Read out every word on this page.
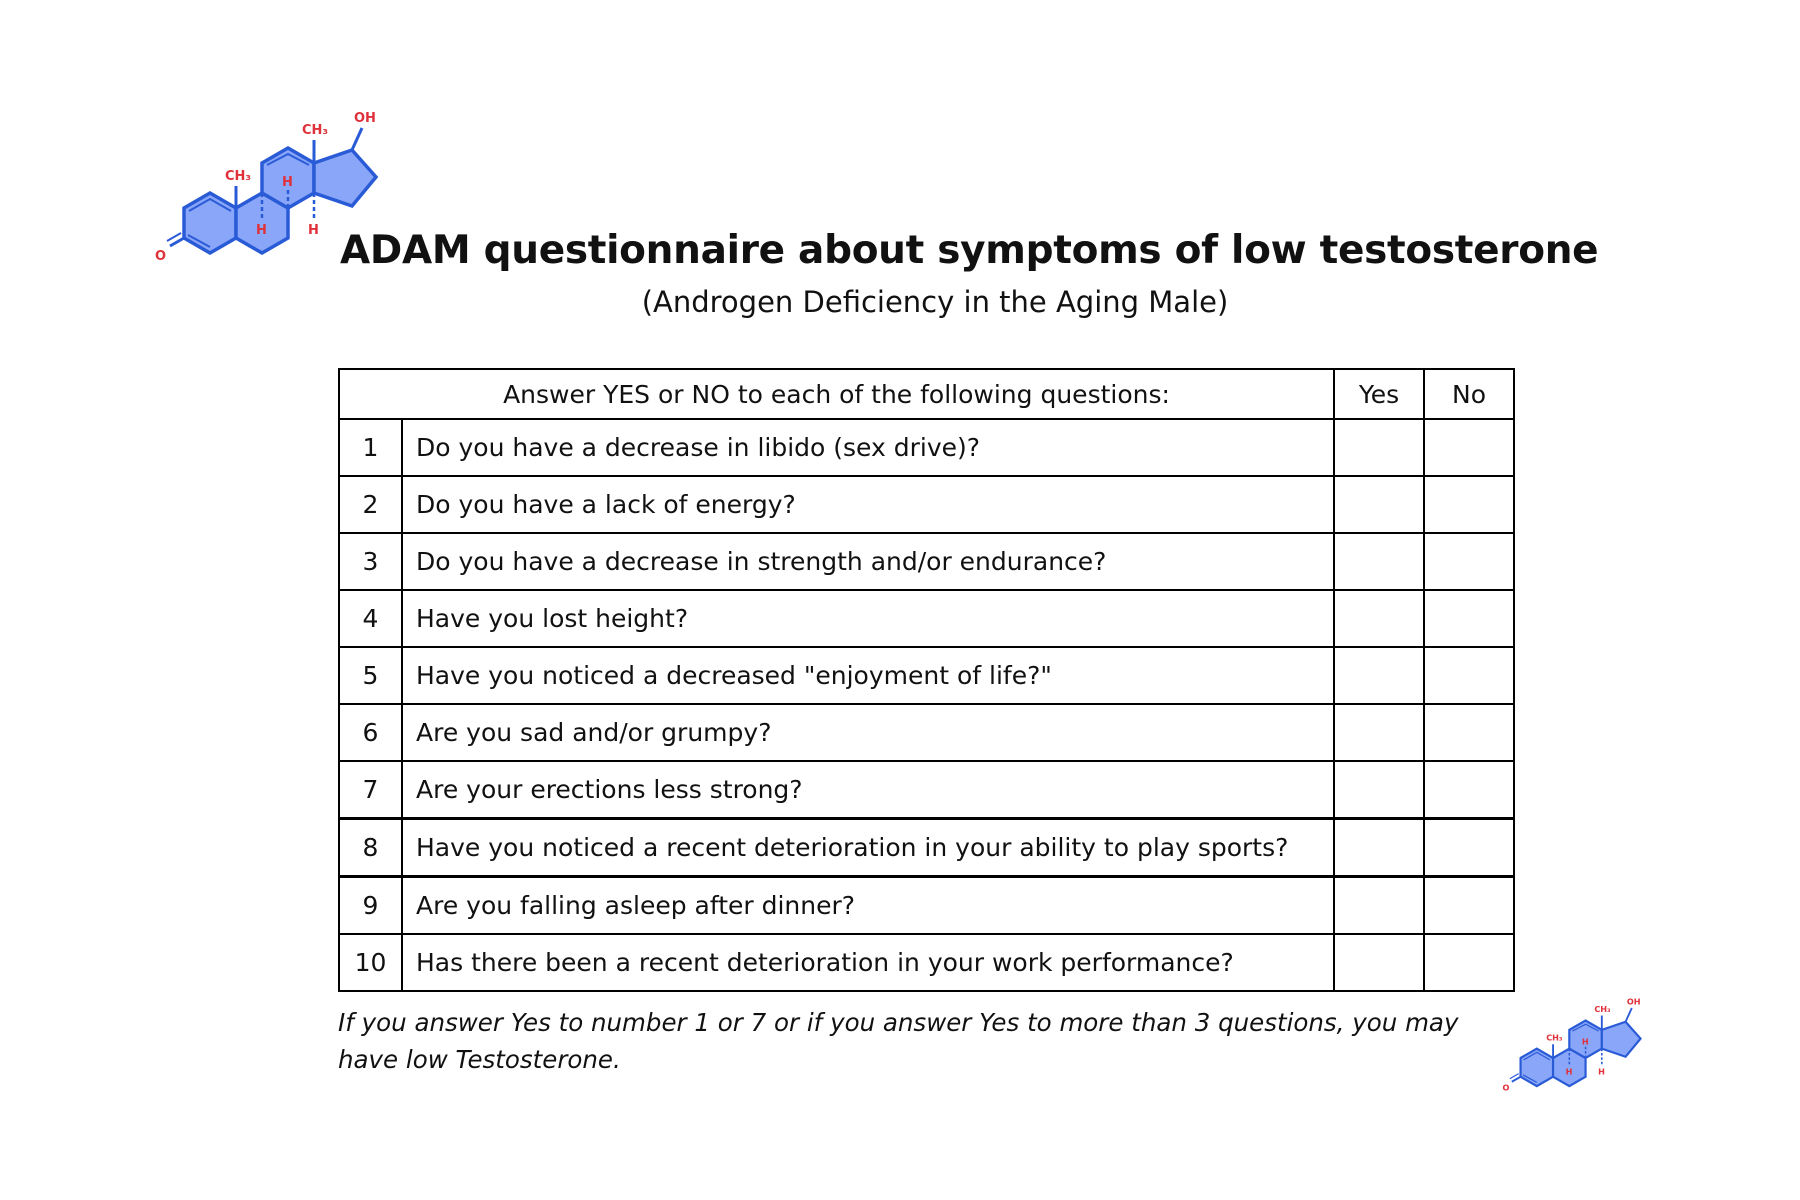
CH₃
CH₃
OH
H
H
H
O
CH₃
CH₃
OH
H
H
H
O
ADAM questionnaire about symptoms of low testosterone
(Androgen Deficiency in the Aging Male)
Answer YES or NO to each of the following questions:		Yes	No
1	Do you have a decrease in libido (sex drive)?		
2	Do you have a lack of energy?		
3	Do you have a decrease in strength and/or endurance?		
4	Have you lost height?		
5	Have you noticed a decreased "enjoyment of life?"		
6	Are you sad and/or grumpy?		
7	Are your erections less strong?		
8	Have you noticed a recent deterioration in your ability to play sports?		
9	Are you falling asleep after dinner?		
10	Has there been a recent deterioration in your work performance?		
If you answer Yes to number 1 or 7 or if you answer Yes to more than 3 questions, you may have low Testosterone.
